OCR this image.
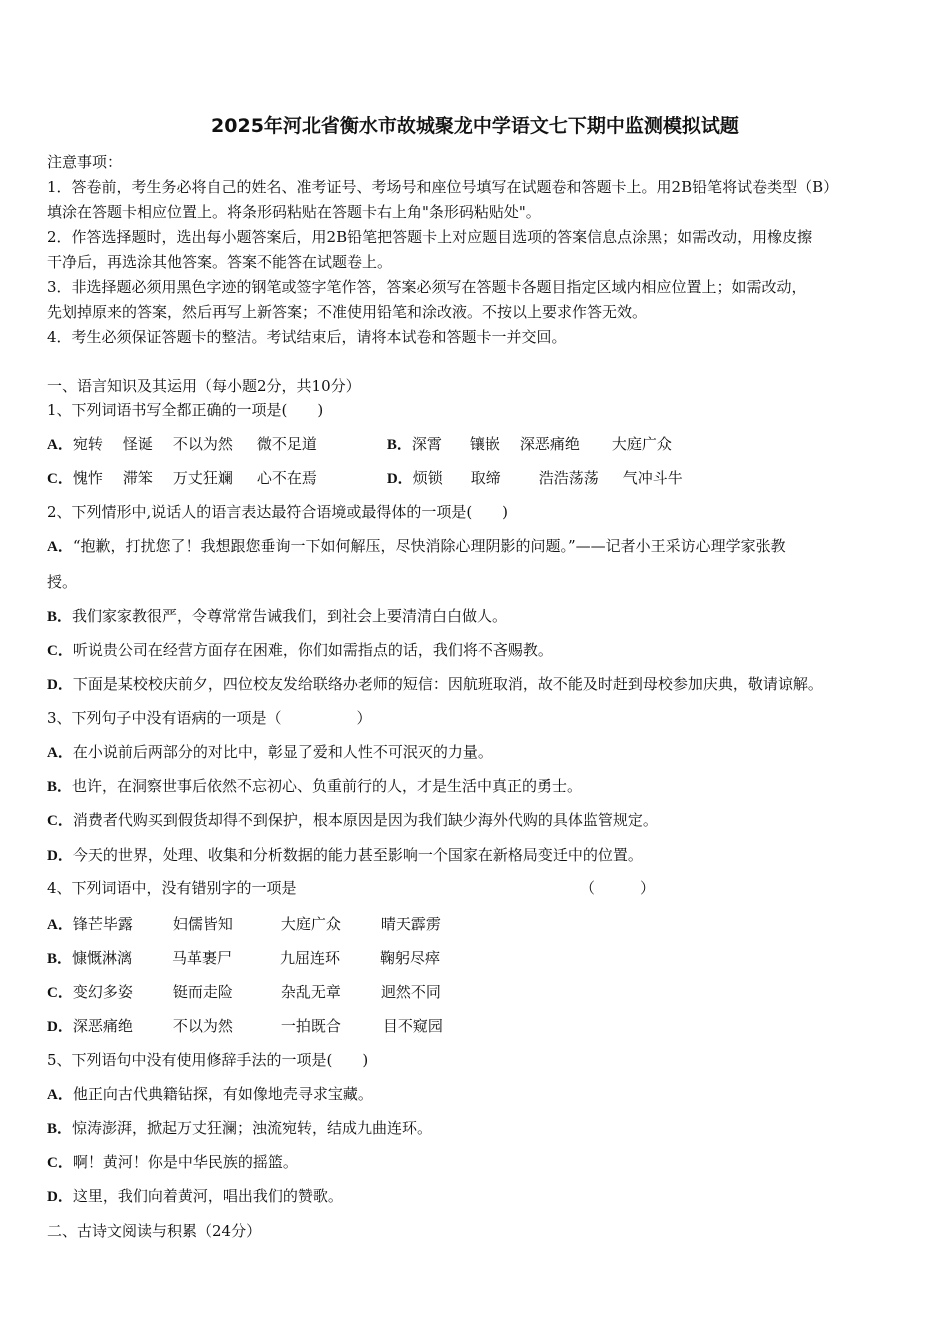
2025年河北省衡水市故城聚龙中学语文七下期中监测模拟试题
注意事项：
1．答卷前，考生务必将自己的姓名、准考证号、考场号和座位号填写在试题卷和答题卡上。用2B铅笔将试卷类型（B）
填涂在答题卡相应位置上。将条形码粘贴在答题卡右上角"条形码粘贴处"。
2．作答选择题时，选出每小题答案后，用2B铅笔把答题卡上对应题目选项的答案信息点涂黑；如需改动，用橡皮擦
干净后，再选涂其他答案。答案不能答在试题卷上。
3．非选择题必须用黑色字迹的钢笔或签字笔作答，答案必须写在答题卡各题目指定区域内相应位置上；如需改动，
先划掉原来的答案，然后再写上新答案；不准使用铅笔和涂改液。不按以上要求作答无效。
4．考生必须保证答题卡的整洁。考试结束后，请将本试卷和答题卡一并交回。
一、语言知识及其运用（每小题2分，共10分）
1、下列词语书写全都正确的一项是(　　)
A．宛转 怪诞 不以为然 微不足道	B．深霄 镶嵌 深恶痛绝 大庭广众
C．愧怍 滞笨 万丈狂斓 心不在焉	D．烦锁 取缔	浩浩荡荡 气冲斗牛
2、下列情形中,说话人的语言表达最符合语境或最得体的一项是(　　)
A．“抱歉，打扰您了！我想跟您垂询一下如何解压，尽快消除心理阴影的问题。”——记者小王采访心理学家张教
授。
B．我们家家教很严，令尊常常告诫我们，到社会上要清清白白做人。
C．听说贵公司在经营方面存在困难，你们如需指点的话，我们将不吝赐教。
D．下面是某校校庆前夕，四位校友发给联络办老师的短信：因航班取消，故不能及时赶到母校参加庆典，敬请谅解。
3、下列句子中没有语病的一项是（　　　　　）
A．在小说前后两部分的对比中，彰显了爱和人性不可泯灭的力量。
B．也许，在洞察世事后依然不忘初心、负重前行的人，才是生活中真正的勇士。
C．消费者代购买到假货却得不到保护，根本原因是因为我们缺少海外代购的具体监管规定。
D．今天的世界，处理、收集和分析数据的能力甚至影响一个国家在新格局变迁中的位置。
4、下列词语中，没有错别字的一项是	（　　　）
A．锋芒毕露	妇儒皆知	大庭广众	晴天霹雳
B．慷慨淋漓	马革裹尸	九屈连环	鞠躬尽瘁
C．变幻多姿	铤而走险	杂乱无章	迥然不同
D．深恶痛绝	不以为然	一拍既合	目不窥园
5、下列语句中没有使用修辞手法的一项是(　　)
A．他正向古代典籍钻探，有如像地壳寻求宝藏。
B．惊涛澎湃，掀起万丈狂澜；浊流宛转，结成九曲连环。
C．啊！黄河！你是中华民族的摇篮。
D．这里，我们向着黄河，唱出我们的赞歌。
二、古诗文阅读与积累（24分）
